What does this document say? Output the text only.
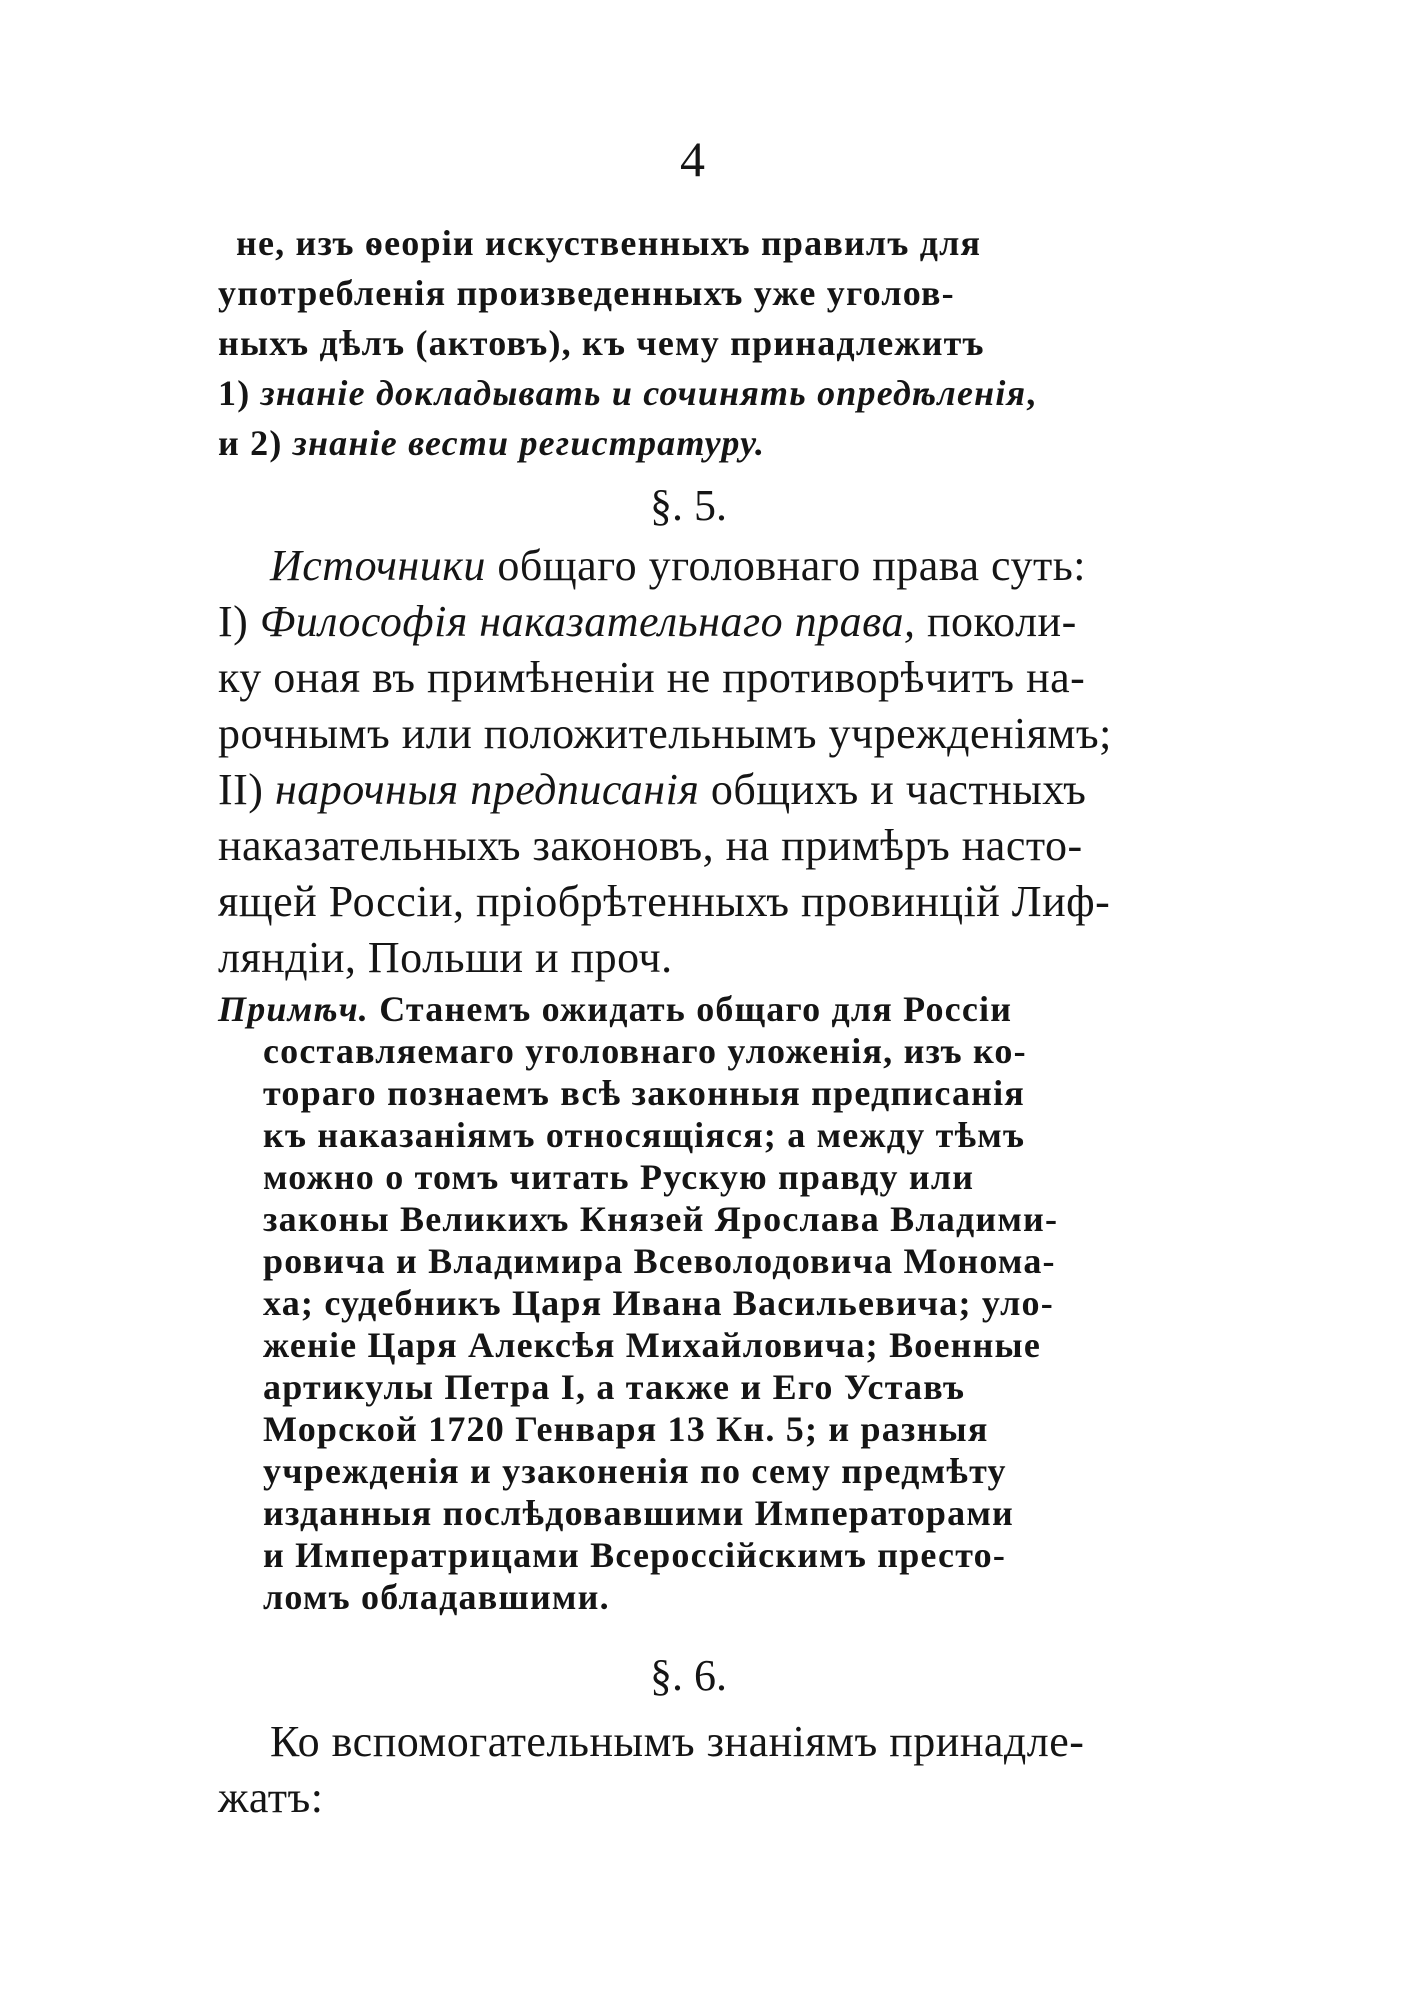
4
не, изъ ѳеоріи искуственныхъ правилъ для
употребленія произведенныхъ уже уголов-
ныхъ дѣлъ (актовъ), къ чему принадлежитъ
1) знаніе докладывать и сочинять опредѣленія,
и 2) знаніе вести регистратуру.
§. 5.
Источники общаго уголовнаго права суть:
I) Философія наказательнаго права, поколи-
ку оная въ примѣненіи не противорѣчитъ на-
рочнымъ или положительнымъ учрежденіямъ;
II) нарочныя предписанія общихъ и частныхъ
наказательныхъ законовъ, на примѣръ насто-
ящей Россіи, пріобрѣтенныхъ провинцій Лиф-
ляндіи, Польши и проч.
Примѣч. Станемъ ожидать общаго для Россіи
составляемаго уголовнаго уложенія, изъ ко-
тораго познаемъ всѣ законныя предписанія
къ наказаніямъ относящіяся; а между тѣмъ
можно о томъ читать Рускую правду или
законы Великихъ Князей Ярослава Владими-
ровича и Владимира Всеволодовича Монома-
ха; судебникъ Царя Ивана Васильевича; уло-
женіе Царя Алексѣя Михайловича; Военные
артикулы Петра I, а также и Его Уставъ
Морской 1720 Генваря 13 Кн. 5; и разныя
учрежденія и узаконенія по сему предмѣту
изданныя послѣдовавшими Императорами
и Императрицами Всероссійскимъ престо-
ломъ обладавшими.
§. 6.
Ко вспомогательнымъ знаніямъ принадле-
жатъ:
